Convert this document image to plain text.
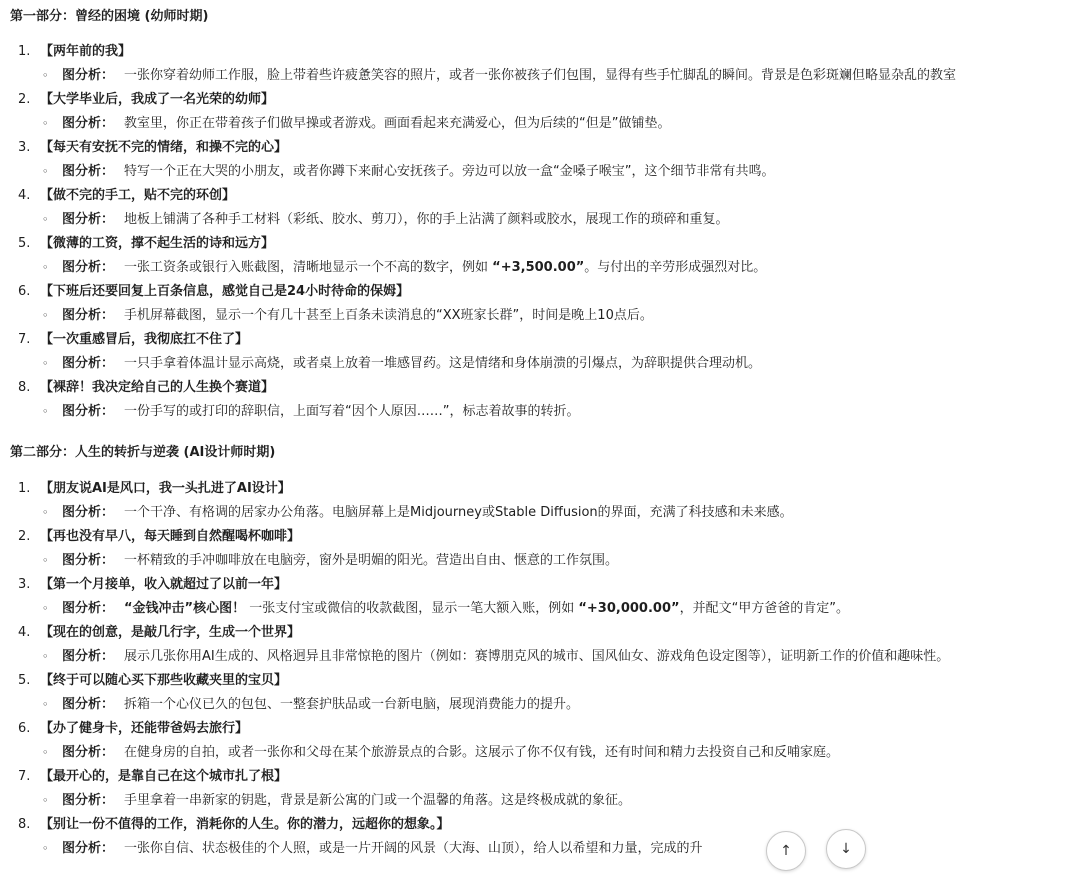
第一部分：曾经的困境 (幼师时期)
1. 【两年前的我】
◦ 图分析： 一张你穿着幼师工作服，脸上带着些许疲惫笑容的照片，或者一张你被孩子们包围，显得有些手忙脚乱的瞬间。背景是色彩斑斓但略显杂乱的教室
2. 【大学毕业后，我成了一名光荣的幼师】
◦ 图分析： 教室里，你正在带着孩子们做早操或者游戏。画面看起来充满爱心，但为后续的“但是”做铺垫。
3. 【每天有安抚不完的情绪，和操不完的心】
◦ 图分析： 特写一个正在大哭的小朋友，或者你蹲下来耐心安抚孩子。旁边可以放一盒“金嗓子喉宝”，这个细节非常有共鸣。
4. 【做不完的手工，贴不完的环创】
◦ 图分析： 地板上铺满了各种手工材料（彩纸、胶水、剪刀），你的手上沾满了颜料或胶水，展现工作的琐碎和重复。
5. 【微薄的工资，撑不起生活的诗和远方】
◦ 图分析： 一张工资条或银行入账截图，清晰地显示一个不高的数字，例如 “+3,500.00”。与付出的辛劳形成强烈对比。
6. 【下班后还要回复上百条信息，感觉自己是24小时待命的保姆】
◦ 图分析： 手机屏幕截图，显示一个有几十甚至上百条未读消息的“XX班家长群”，时间是晚上10点后。
7. 【一次重感冒后，我彻底扛不住了】
◦ 图分析： 一只手拿着体温计显示高烧，或者桌上放着一堆感冒药。这是情绪和身体崩溃的引爆点，为辞职提供合理动机。
8. 【裸辞！我决定给自己的人生换个赛道】
◦ 图分析： 一份手写的或打印的辞职信，上面写着“因个人原因……”，标志着故事的转折。
第二部分：人生的转折与逆袭 (AI设计师时期)
1. 【朋友说AI是风口，我一头扎进了AI设计】
◦ 图分析： 一个干净、有格调的居家办公角落。电脑屏幕上是Midjourney或Stable Diffusion的界面，充满了科技感和未来感。
2. 【再也没有早八，每天睡到自然醒喝杯咖啡】
◦ 图分析： 一杯精致的手冲咖啡放在电脑旁，窗外是明媚的阳光。营造出自由、惬意的工作氛围。
3. 【第一个月接单，收入就超过了以前一年】
◦ 图分析： “金钱冲击”核心图！ 一张支付宝或微信的收款截图，显示一笔大额入账，例如 “+30,000.00”，并配文“甲方爸爸的肯定”。
4. 【现在的创意，是敲几行字，生成一个世界】
◦ 图分析： 展示几张你用AI生成的、风格迥异且非常惊艳的图片（例如：赛博朋克风的城市、国风仙女、游戏角色设定图等），证明新工作的价值和趣味性。
5. 【终于可以随心买下那些收藏夹里的宝贝】
◦ 图分析： 拆箱一个心仪已久的包包、一整套护肤品或一台新电脑，展现消费能力的提升。
6. 【办了健身卡，还能带爸妈去旅行】
◦ 图分析： 在健身房的自拍，或者一张你和父母在某个旅游景点的合影。这展示了你不仅有钱，还有时间和精力去投资自己和反哺家庭。
7. 【最开心的，是靠自己在这个城市扎了根】
◦ 图分析： 手里拿着一串新家的钥匙，背景是新公寓的门或一个温馨的角落。这是终极成就的象征。
8. 【别让一份不值得的工作，消耗你的人生。你的潜力，远超你的想象。】
◦ 图分析： 一张你自信、状态极佳的个人照，或是一片开阔的风景（大海、山顶），给人以希望和力量，完成的升	↑	↓
